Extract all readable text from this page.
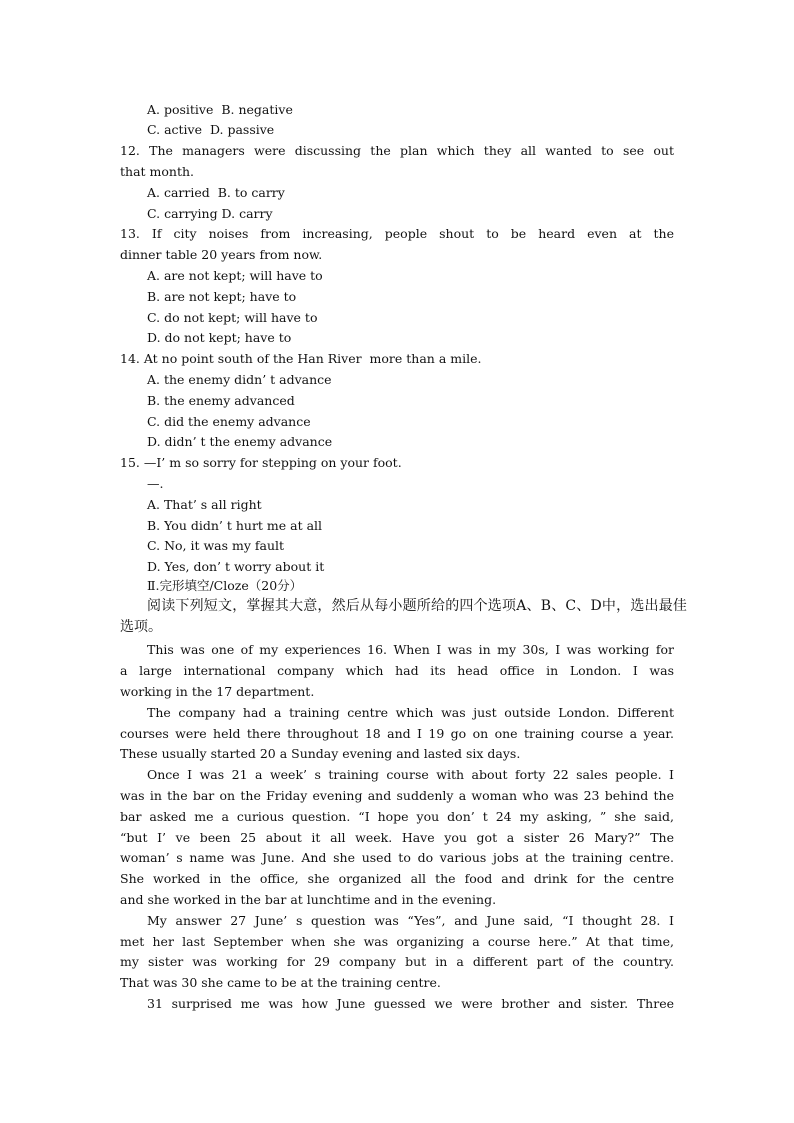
A. positive  B. negative
C. active  D. passive
12. The managers were discussing the plan which they all wanted to see out
that month.
A. carried  B. to carry
C. carrying D. carry
13. If city noises from increasing, people shout to be heard even at the
dinner table 20 years from now.
A. are not kept; will have to
B. are not kept; have to
C. do not kept; will have to
D. do not kept; have to
14. At no point south of the Han River  more than a mile.
A. the enemy didn’ t advance
B. the enemy advanced
C. did the enemy advance
D. didn’ t the enemy advance
15. —I’ m so sorry for stepping on your foot.
—.
A. That’ s all right
B. You didn’ t hurt me at all
C. No, it was my fault
D. Yes, don’ t worry about it
Ⅱ.完形填空/Cloze（20分）
阅读下列短文，掌握其大意，然后从每小题所给的四个选项A、B、C、D中，选出最佳
选项。
This was one of my experiences 16. When I was in my 30s, I was working for
a large international company which had its head office in London. I was
working in the 17 department.
The company had a training centre which was just outside London. Different
courses were held there throughout 18 and I 19 go on one training course a year.
These usually started 20 a Sunday evening and lasted six days.
Once I was 21 a week’ s training course with about forty 22 sales people. I
was in the bar on the Friday evening and suddenly a woman who was 23 behind the
bar asked me a curious question. “I hope you don’ t 24 my asking, ” she said,
“but I’ ve been 25 about it all week. Have you got a sister 26 Mary?” The
woman’ s name was June. And she used to do various jobs at the training centre.
She worked in the office, she organized all the food and drink for the centre
and she worked in the bar at lunchtime and in the evening.
My answer 27 June’ s question was “Yes”, and June said, “I thought 28. I
met her last September when she was organizing a course here.” At that time,
my sister was working for 29 company but in a different part of the country.
That was 30 she came to be at the training centre.
31 surprised me was how June guessed we were brother and sister. Three
